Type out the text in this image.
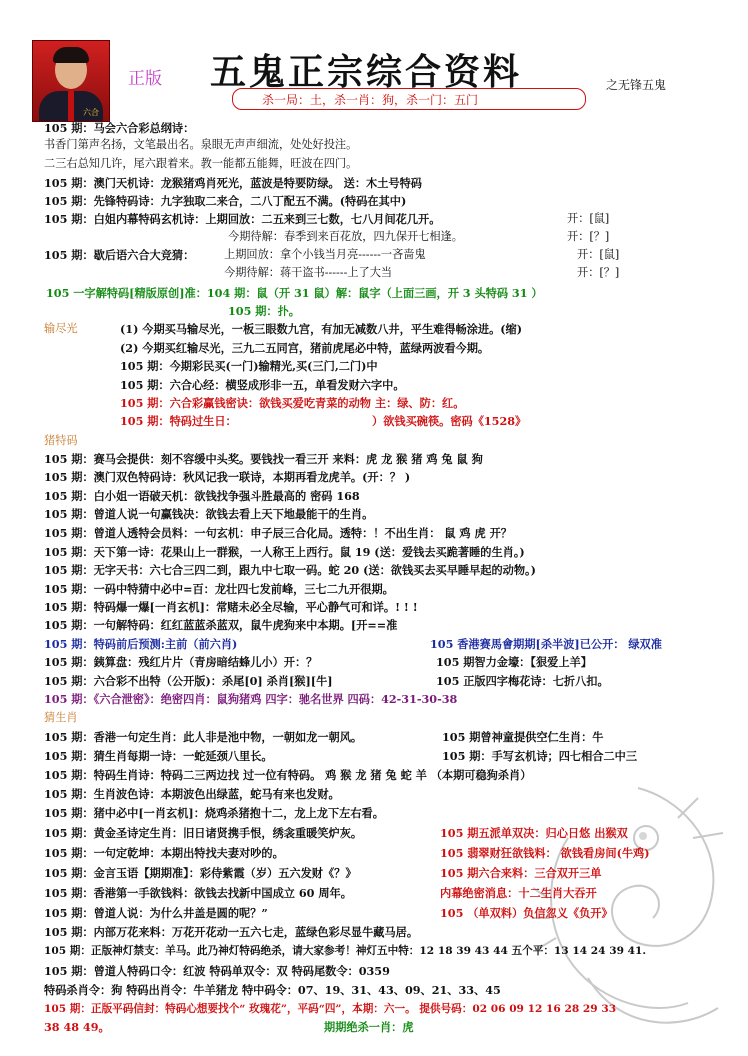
六合
正版 五鬼正宗综合资料
杀一局：土，杀一肖：狗，杀一门：五门
之无锋五鬼
105 期：马会六合彩总纲诗：
书香门第声名扬，文笔最出名。泉眼无声声细流，处处好投注。
二三右总知几许，尾六跟着来。教一能都五能舞，旺波在四门。
105 期：澳门天机诗：龙猴猪鸡肖死光，蓝波是特要防绿。 送：木土号特码
105 期：先锋特码诗：九字独取二来合，二八丁配五不满。(特码在其中)
105 期：白姐内幕特码玄机诗：上期回放：二五来到三七数，七八月间花几开。	开：[鼠]
今期待解：春季到来百花放，四九保开七相逢。	开：[？]
105 期：歇后语六合大竞猜：	上期回放：拿个小钱当月亮------一吝啬鬼	开：[鼠]
今期待解：蒋干盗书------上了大当	开：[？]
105 一字解特码[精版原创]准：104 期：鼠（开 31 鼠）解：鼠字（上面三画，开 3 头特码 31 ）
105 期：扑。
输尽光	(1) 今期买马输尽光，一板三眼数九宫，有加无减数八井，平生难得畅涂进。(缩)
(2) 今期买红输尽光，三九二五同宫，猪前虎尾必中特，蓝绿两波看今期。
105 期：今期彩民买(一门)输精光,买(三门,二门)中
105 期：六合心经：横竖成形非一五，单看发财六字中。
105 期：六合彩赢钱密诀：欲钱买爱吃青菜的动物 主：绿、防：红。
105 期：特码过生日：	）欲钱买碗筷。密码《1528》
猪特码
105 期：赛马会提供：刻不容缓中头奖。要钱找一看三开 来料：虎 龙 猴 猪 鸡 兔 鼠 狗
105 期：澳门双色特码诗：秋风记我一联诗，本期再看龙虎羊。(开：？ )
105 期：白小姐一语破天机：欲钱找争强斗胜最高的 密码 168
105 期：曾道人说一句赢钱决：欲钱去看上天下地最能干的生肖。
105 期：曾道人透特会员料：一句玄机：申子辰三合化局。透特：！不出生肖： 鼠 鸡 虎 开？
105 期：天下第一诗：花果山上一群猴，一人称王上西行。鼠 19 (送：爱钱去买跪著睡的生肖。)
105 期：无字天书：六七合三四二到，跟九中七取一码。蛇 20 (送：欲钱买去买早睡早起的动物。)
105 期：一码中特猜中必中=百：龙壮四七发前峰，三七二九开很期。
105 期：特码爆一爆[一肖玄机]：常赌未必全尽输，平心静气可和详。! ! !
105 期：一句解特码：红红蓝蓝杀蓝双，鼠牛虎狗来中本期。[开==准
105 期：特码前后预测:主前（前六肖)	105 香港赛馬會期期[杀半波]已公开： 绿双准
105 期：銕算盘：残红片片（青房暗结蜂儿小）开：？	105 期智力金壕：【狠爱上羊】
105 期：六合彩不出特（公开版)：杀尾[0] 杀肖[猴][牛]	105 正版四字梅花诗：七折八扣。
105 期：《六合泄密》：绝密四肖：鼠狗猪鸡 四字：驰名世界 四码：42-31-30-38
猜生肖
105 期：香港一句定生肖：此人非是池中物，一朝如龙一朝风。	105 期曾神童提供空仁生肖：牛
105 期：猜生肖每期一诗：一蛇延颈八里长。	105 期：手写玄机诗；四七相合二中三
105 期：特码生肖诗：特码二三两边找 过一位有特码。 鸡 猴 龙 猪 兔 蛇 羊 （本期可稳狗杀肖）
105 期：生肖波色诗：本期波色出绿蓝，蛇马有来也发财。
105 期：猪中必中[一肖玄机]：烧鸡杀猪抱十二，龙上龙下左右看。
105 期：黄金圣诗定生肖：旧日诸贤携手恨，绣衾重暖笑炉灰。	105 期五派单双决：归心日悠 出猴双
105 期：一句定乾坤：本期出特找夫妻对吵的。	105 翡翠财狂欲钱料： 欲钱看房间(牛鸡)
105 期：金言玉语【期期准】：彩侍紫霞（岁）五六发财《？》	105 期六合来料：三合双开三单
105 期：香港第一手欲钱料：欲钱去找新中国成立 60 周年。	内幕绝密消息：十二生肖大吞开
105 期：曾道人说：为什么井盖是圆的呢？”	105 （单双料）负信忽义《负开》
105 期：内部万花来料：万花开花动一五六七走，蓝绿色彩尽显牛藏马居。
105 期：正版神灯禁支：羊马。此乃神灯特码绝杀，请大家参考！神灯五中特：12 18 39 43 44 五个平：13 14 24 39 41.
105 期：曾道人特码口令：红波 特码单双令：双 特码尾数令：0359
特码杀肖令：狗 特码出肖令：牛羊猪龙 特中码令：07、19、31、43、09、21、33、45
105 期：正版平码信封：特码心想要找个“ 玫瑰花”，平码“四”，本期：六一。 提供号码：02 06 09 12 16 28 29 33
38 48 49。	期期绝杀一肖：虎
